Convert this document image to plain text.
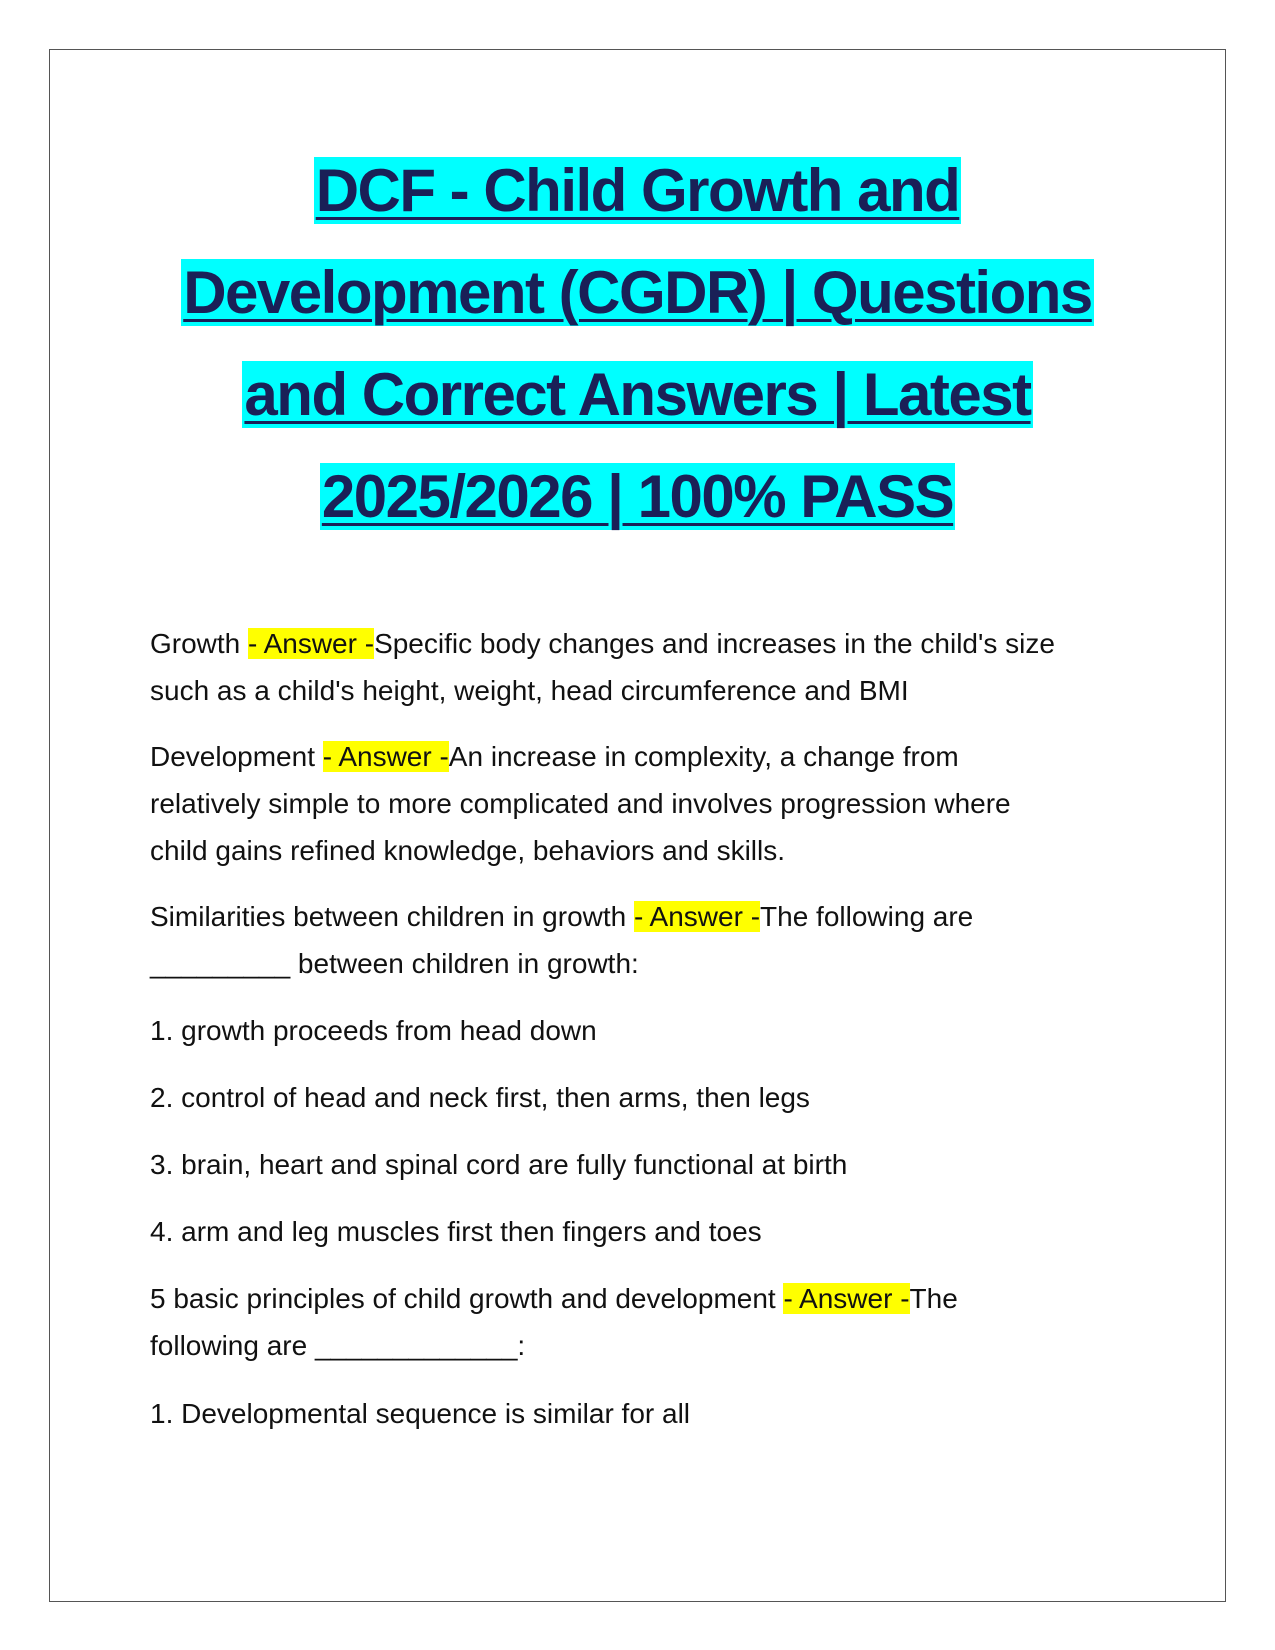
DCF - Child Growth and
Development (CGDR) | Questions
and Correct Answers | Latest
2025/2026 | 100% PASS

Growth - Answer -Specific body changes and increases in the child's size
such as a child's height, weight, head circumference and BMI

Development - Answer -An increase in complexity, a change from
relatively simple to more complicated and involves progression where
child gains refined knowledge, behaviors and skills.

Similarities between children in growth - Answer -The following are
_________ between children in growth:

1. growth proceeds from head down

2. control of head and neck first, then arms, then legs

3. brain, heart and spinal cord are fully functional at birth

4. arm and leg muscles first then fingers and toes

5 basic principles of child growth and development - Answer -The
following are _____________:

1. Developmental sequence is similar for all
